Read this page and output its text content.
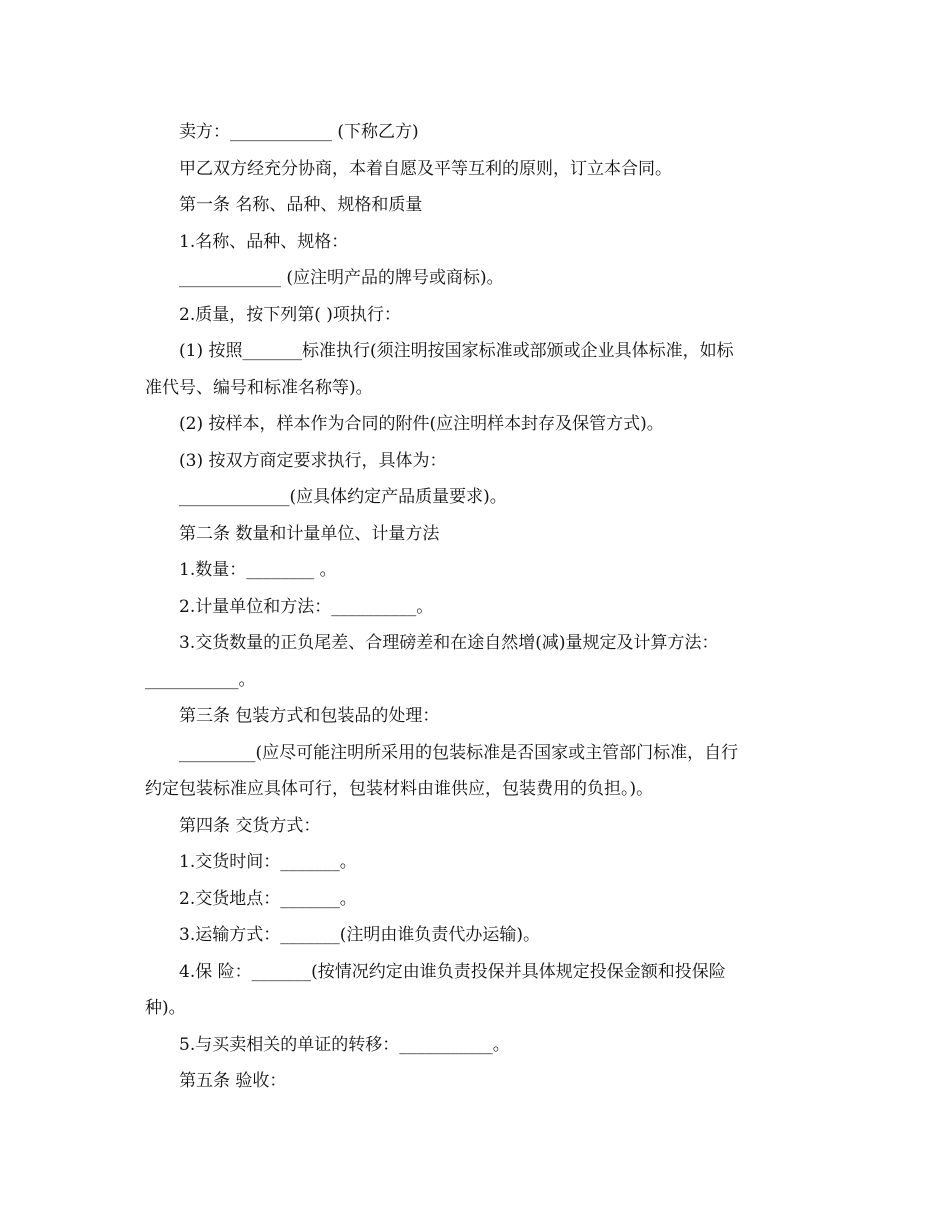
卖方：____________ (下称乙方)
甲乙双方经充分协商，本着自愿及平等互利的原则，订立本合同。
第一条 名称、品种、规格和质量
1.名称、品种、规格：
____________ (应注明产品的牌号或商标)。
2.质量，按下列第( )项执行：
(1) 按照_______标准执行(须注明按国家标准或部颁或企业具体标准，如标
准代号、编号和标准名称等)。
(2) 按样本，样本作为合同的附件(应注明样本封存及保管方式)。
(3) 按双方商定要求执行，具体为：
_____________(应具体约定产品质量要求)。
第二条 数量和计量单位、计量方法
1.数量：________ 。
2.计量单位和方法：__________。
3.交货数量的正负尾差、合理磅差和在途自然增(减)量规定及计算方法：
___________。
第三条 包装方式和包装品的处理：
_________(应尽可能注明所采用的包装标准是否国家或主管部门标准，自行
约定包装标准应具体可行，包装材料由谁供应，包装费用的负担。)。
第四条 交货方式：
1.交货时间：_______。
2.交货地点：_______。
3.运输方式：_______(注明由谁负责代办运输)。
4.保 险：_______(按情况约定由谁负责投保并具体规定投保金额和投保险
种)。
5.与买卖相关的单证的转移：___________。
第五条 验收：
